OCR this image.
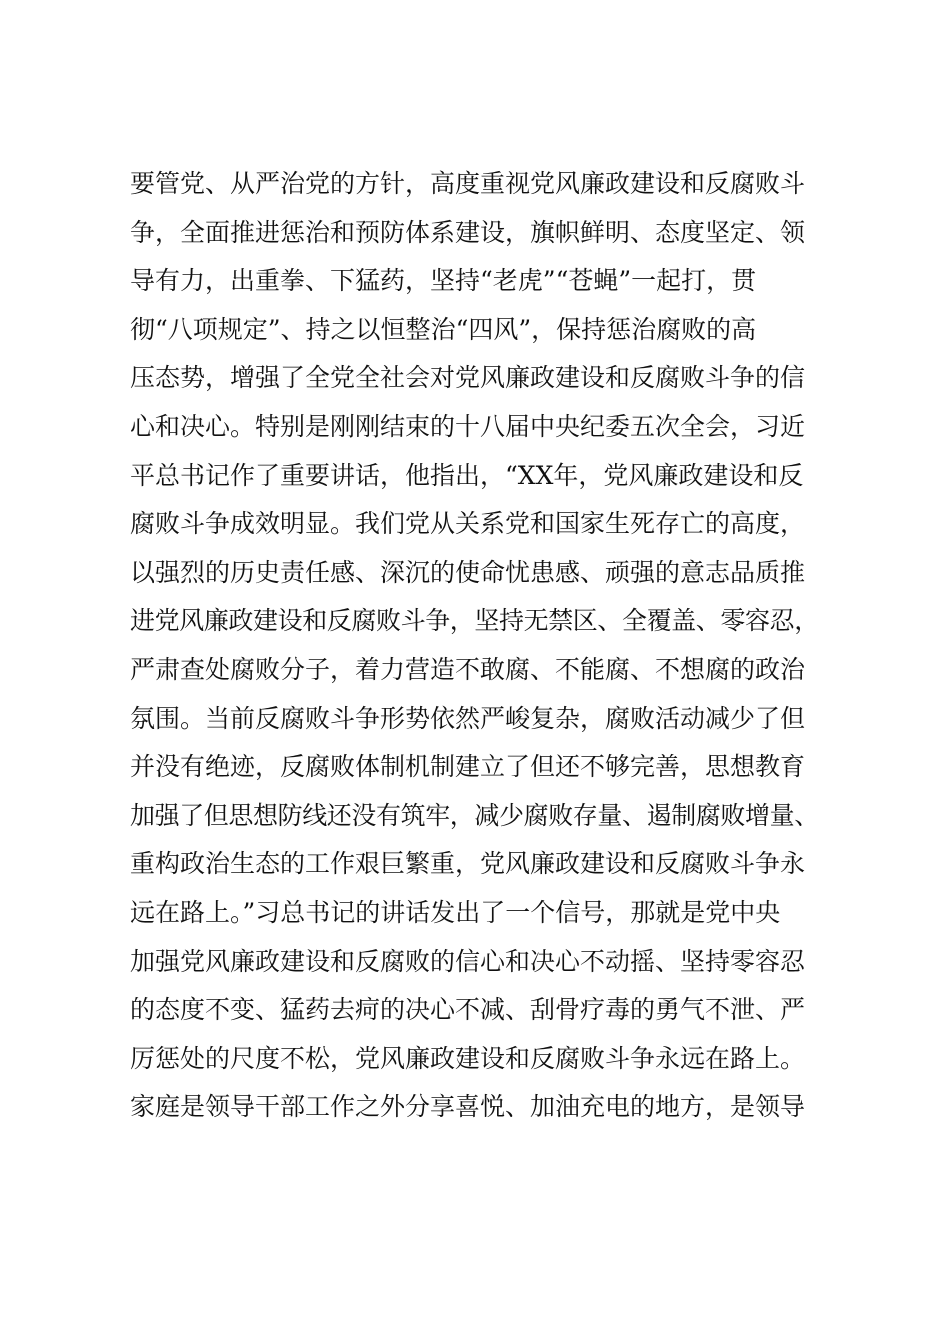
要管党、从严治党的方针，高度重视党风廉政建设和反腐败斗
争，全面推进惩治和预防体系建设，旗帜鲜明、态度坚定、领
导有力，出重拳、下猛药，坚持“老虎”“苍蝇”一起打，贯
彻“八项规定”、持之以恒整治“四风”，保持惩治腐败的高
压态势，增强了全党全社会对党风廉政建设和反腐败斗争的信
心和决心。特别是刚刚结束的十八届中央纪委五次全会，习近
平总书记作了重要讲话，他指出，“XX年，党风廉政建设和反
腐败斗争成效明显。我们党从关系党和国家生死存亡的高度，
以强烈的历史责任感、深沉的使命忧患感、顽强的意志品质推
进党风廉政建设和反腐败斗争，坚持无禁区、全覆盖、零容忍，
严肃查处腐败分子，着力营造不敢腐、不能腐、不想腐的政治
氛围。当前反腐败斗争形势依然严峻复杂，腐败活动减少了但
并没有绝迹，反腐败体制机制建立了但还不够完善，思想教育
加强了但思想防线还没有筑牢，减少腐败存量、遏制腐败增量、
重构政治生态的工作艰巨繁重，党风廉政建设和反腐败斗争永
远在路上。”习总书记的讲话发出了一个信号，那就是党中央
加强党风廉政建设和反腐败的信心和决心不动摇、坚持零容忍
的态度不变、猛药去疴的决心不减、刮骨疗毒的勇气不泄、严
厉惩处的尺度不松，党风廉政建设和反腐败斗争永远在路上。
家庭是领导干部工作之外分享喜悦、加油充电的地方，是领导
